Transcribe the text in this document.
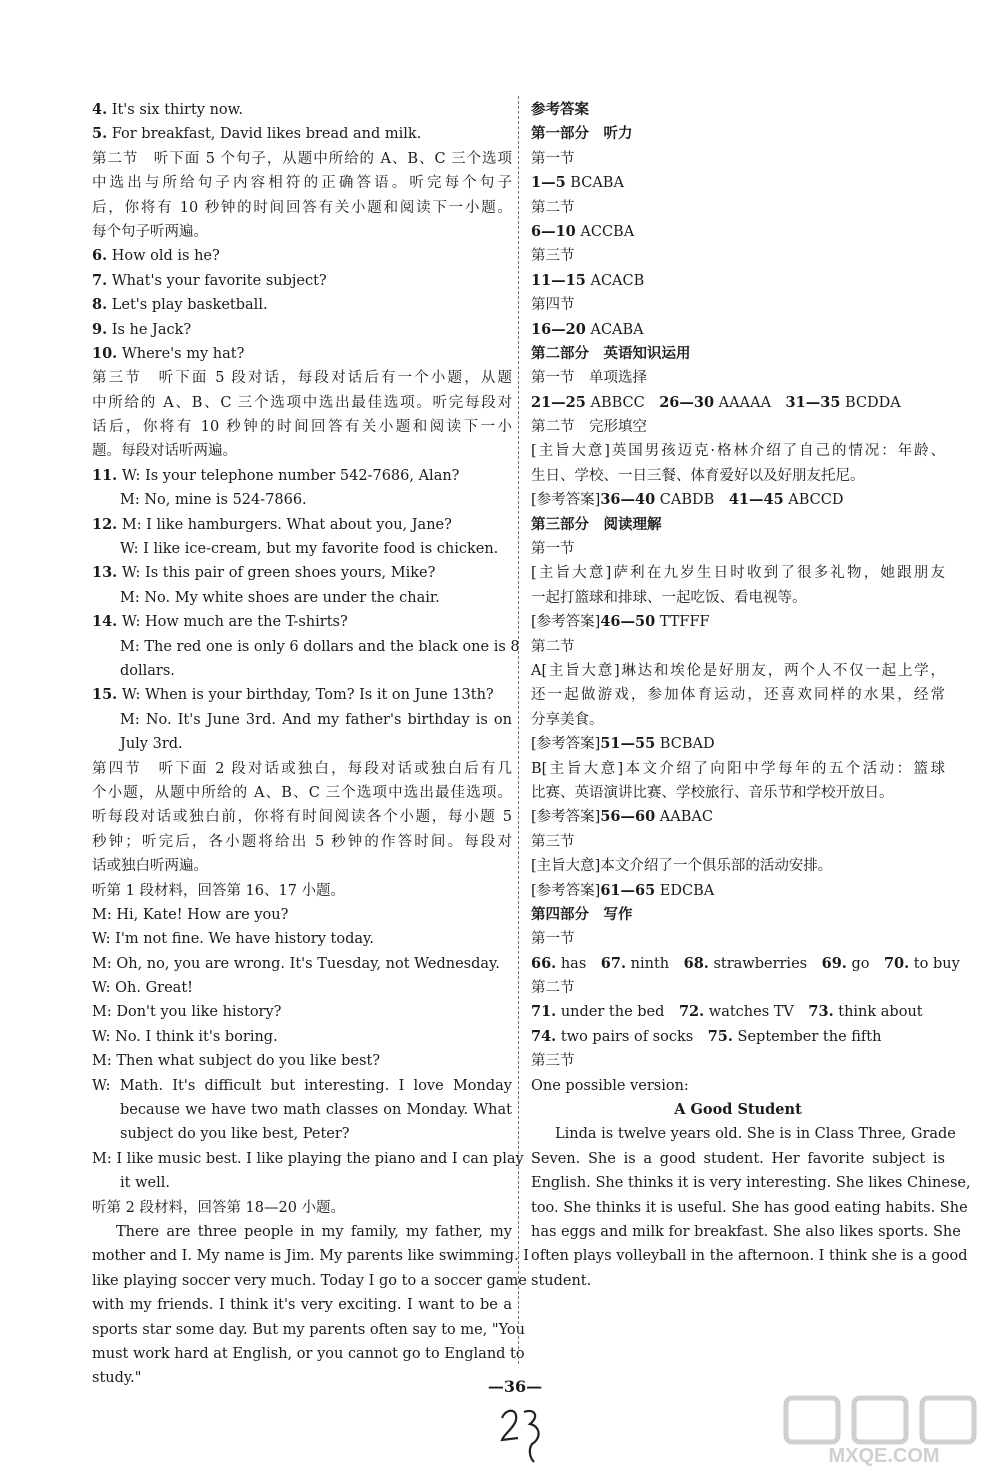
4. It's six thirty now.
5. For breakfast, David likes bread and milk.
第二节　听下面 5 个句子，从题中所给的 A、B、C 三个选项
中选出与所给句子内容相符的正确答语。听完每个句子
后，你将有 10 秒钟的时间回答有关小题和阅读下一小题。
每个句子听两遍。
6. How old is he?
7. What's your favorite subject?
8. Let's play basketball.
9. Is he Jack?
10. Where's my hat?
第三节　听下面 5 段对话，每段对话后有一个小题，从题
中所给的 A、B、C 三个选项中选出最佳选项。听完每段对
话后，你将有 10 秒钟的时间回答有关小题和阅读下一小
题。每段对话听两遍。
11. W: Is your telephone number 542-7686, Alan?
M: No, mine is 524-7866.
12. M: I like hamburgers. What about you, Jane?
W: I like ice-cream, but my favorite food is chicken.
13. W: Is this pair of green shoes yours, Mike?
M: No. My white shoes are under the chair.
14. W: How much are the T-shirts?
M: The red one is only 6 dollars and the black one is 8
dollars.
15. W: When is your birthday, Tom? Is it on June 13th?
M: No. It's June 3rd. And my father's birthday is on
July 3rd.
第四节　听下面 2 段对话或独白，每段对话或独白后有几
个小题，从题中所给的 A、B、C 三个选项中选出最佳选项。
听每段对话或独白前，你将有时间阅读各个小题，每小题 5
秒钟；听完后，各小题将给出 5 秒钟的作答时间。每段对
话或独白听两遍。
听第 1 段材料，回答第 16、17 小题。
M: Hi, Kate! How are you?
W: I'm not fine. We have history today.
M: Oh, no, you are wrong. It's Tuesday, not Wednesday.
W: Oh. Great!
M: Don't you like history?
W: No. I think it's boring.
M: Then what subject do you like best?
W: Math. It's difficult but interesting. I love Monday
because we have two math classes on Monday. What
subject do you like best, Peter?
M: I like music best. I like playing the piano and I can play
it well.
听第 2 段材料，回答第 18—20 小题。
There are three people in my family, my father, my
mother and I. My name is Jim. My parents like swimming. I
like playing soccer very much. Today I go to a soccer game
with my friends. I think it's very exciting. I want to be a
sports star some day. But my parents often say to me, "You
must work hard at English, or you cannot go to England to
study."
参考答案
第一部分　听力
第一节
1—5 BCABA
第二节
6—10 ACCBA
第三节
11—15 ACACB
第四节
16—20 ACABA
第二部分　英语知识运用
第一节　单项选择
21—25 ABBCC　26—30 AAAAA　31—35 BCDDA
第二节　完形填空
[主旨大意]英国男孩迈克·格林介绍了自己的情况：年龄、
生日、学校、一日三餐、体育爱好以及好朋友托尼。
[参考答案]36—40 CABDB　41—45 ABCCD
第三部分　阅读理解
第一节
[主旨大意]萨利在九岁生日时收到了很多礼物，她跟朋友
一起打篮球和排球、一起吃饭、看电视等。
[参考答案]46—50 TTFFF
第二节
A[主旨大意]琳达和埃伦是好朋友，两个人不仅一起上学，
还一起做游戏，参加体育运动，还喜欢同样的水果，经常
分享美食。
[参考答案]51—55 BCBAD
B[主旨大意]本文介绍了向阳中学每年的五个活动：篮球
比赛、英语演讲比赛、学校旅行、音乐节和学校开放日。
[参考答案]56—60 AABAC
第三节
[主旨大意]本文介绍了一个俱乐部的活动安排。
[参考答案]61—65 EDCBA
第四部分　写作
第一节
66. has　67. ninth　68. strawberries　69. go　70. to buy
第二节
71. under the bed　72. watches TV　73. think about
74. two pairs of socks　75. September the fifth
第三节
One possible version:
A Good Student
Linda is twelve years old. She is in Class Three, Grade
Seven. She is a good student. Her favorite subject is
English. She thinks it is very interesting. She likes Chinese,
too. She thinks it is useful. She has good eating habits. She
has eggs and milk for breakfast. She also likes sports. She
often plays volleyball in the afternoon. I think she is a good
student.
—36—
MXQE.COM
